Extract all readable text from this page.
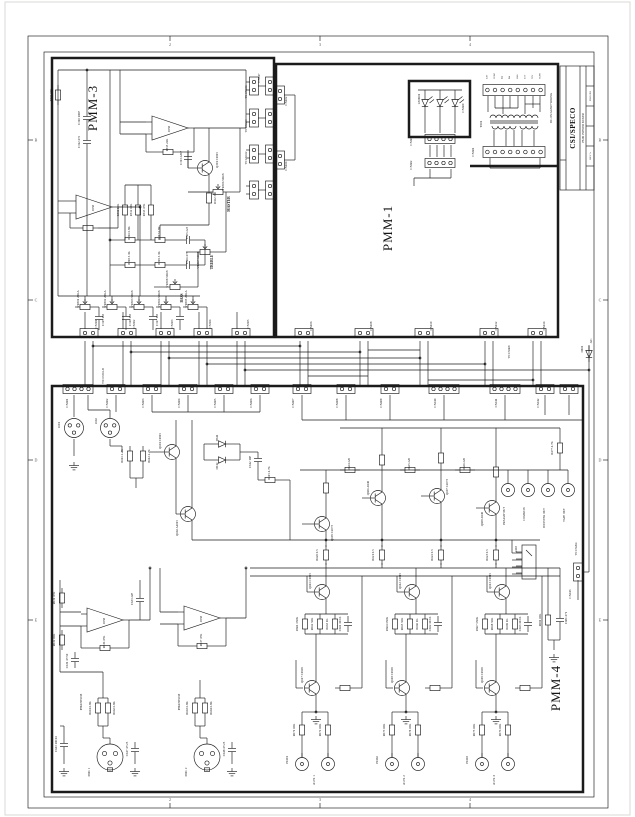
R306 10K
C310 100P
C312 472
4558
4558
4558	4558
R315 22K
C313 220P	Q301 C1815
R322 330
R311 10K	R312 10K	R313 47K
R316 6.8K	R317 6.8K	C305 223
R318 3.3K	R319 3.3K	C306 473
VR306 50KB
VR307 50KB
VR308 50KB
VR301 20KA	VR302 20KA	VR303 50KB	VR304 50KB	VR305 20KA
C315 103	C316 103	C317 103
CN301	CN302	CN303	CN304	CN305
CN617
CN615
CN613
CN611
CN102
CN104
CN106	CN108	CN110	CN112	CN114
CN600
LED601
CN603
CN602
CN601
T601
CN401	CN402	CN403	CN404	CN405	CN406	CN407	CN408	CN409	CN410	CN411	CN412
J601
J602
R611 2.2K	R612 2.2K
Q601 C1815
Q602 A1015
D611
D612	C612 10P
R615 4.7K
Q605 C2073
Q606 A940	Q607 C2073
Q608 A940
R620 0.5	R621 0.5	R622 0.5	R623 0.5
R624 220	R625 220	R626 220
R477 4.7K
J403
CN413
R631 47K
R632 10K
C631 47/50
C633 22P
R636 47K	R637 47K
R641 6.8K	R642 6.8K	R643 6.8K	R644 6.8K
C647 47/25	C648 47/25
C643 100/16
Q611 C1815	Q612 C1815	Q613 C1815
R661 150K	R662 56K	R663 1K	C661 10/16	R664 150K	R665 56K	R666 1K	C662 10/16	R667 150K	R668 56K	R669 1K	C663 10/16
Q617 C1945	Q618 C1945	Q619 C1945
R671 10K	R672 10K	R673 10K	R674 10K	R675 10K	R676 10K
IN401	IN402	IN403
D401
R681 10K	C681 471
24V COM 4Ω 8Ω 16Ω 25V 70V COM
2
2
3
3
4
4
B	B
C	C
D	D
E	E
PMM-3
PMM-1
PMM-4
CSI/SPECO PMM POWER MIXER
DWG NO
REV A
MASTER
TREBLE
BASS
PHANTOM	PHANTOM
MIC 1	MIC 2
AUX 1	AUX 2	AUX 3
PREAMP OUT	COMMON	BOOSTER OUT	TAPE OUT
DC-ON/ALERT WIRING
TO CN616
TO CN614
TO CN612
TO CN608
TO CN301-B
TO CN204
AC
